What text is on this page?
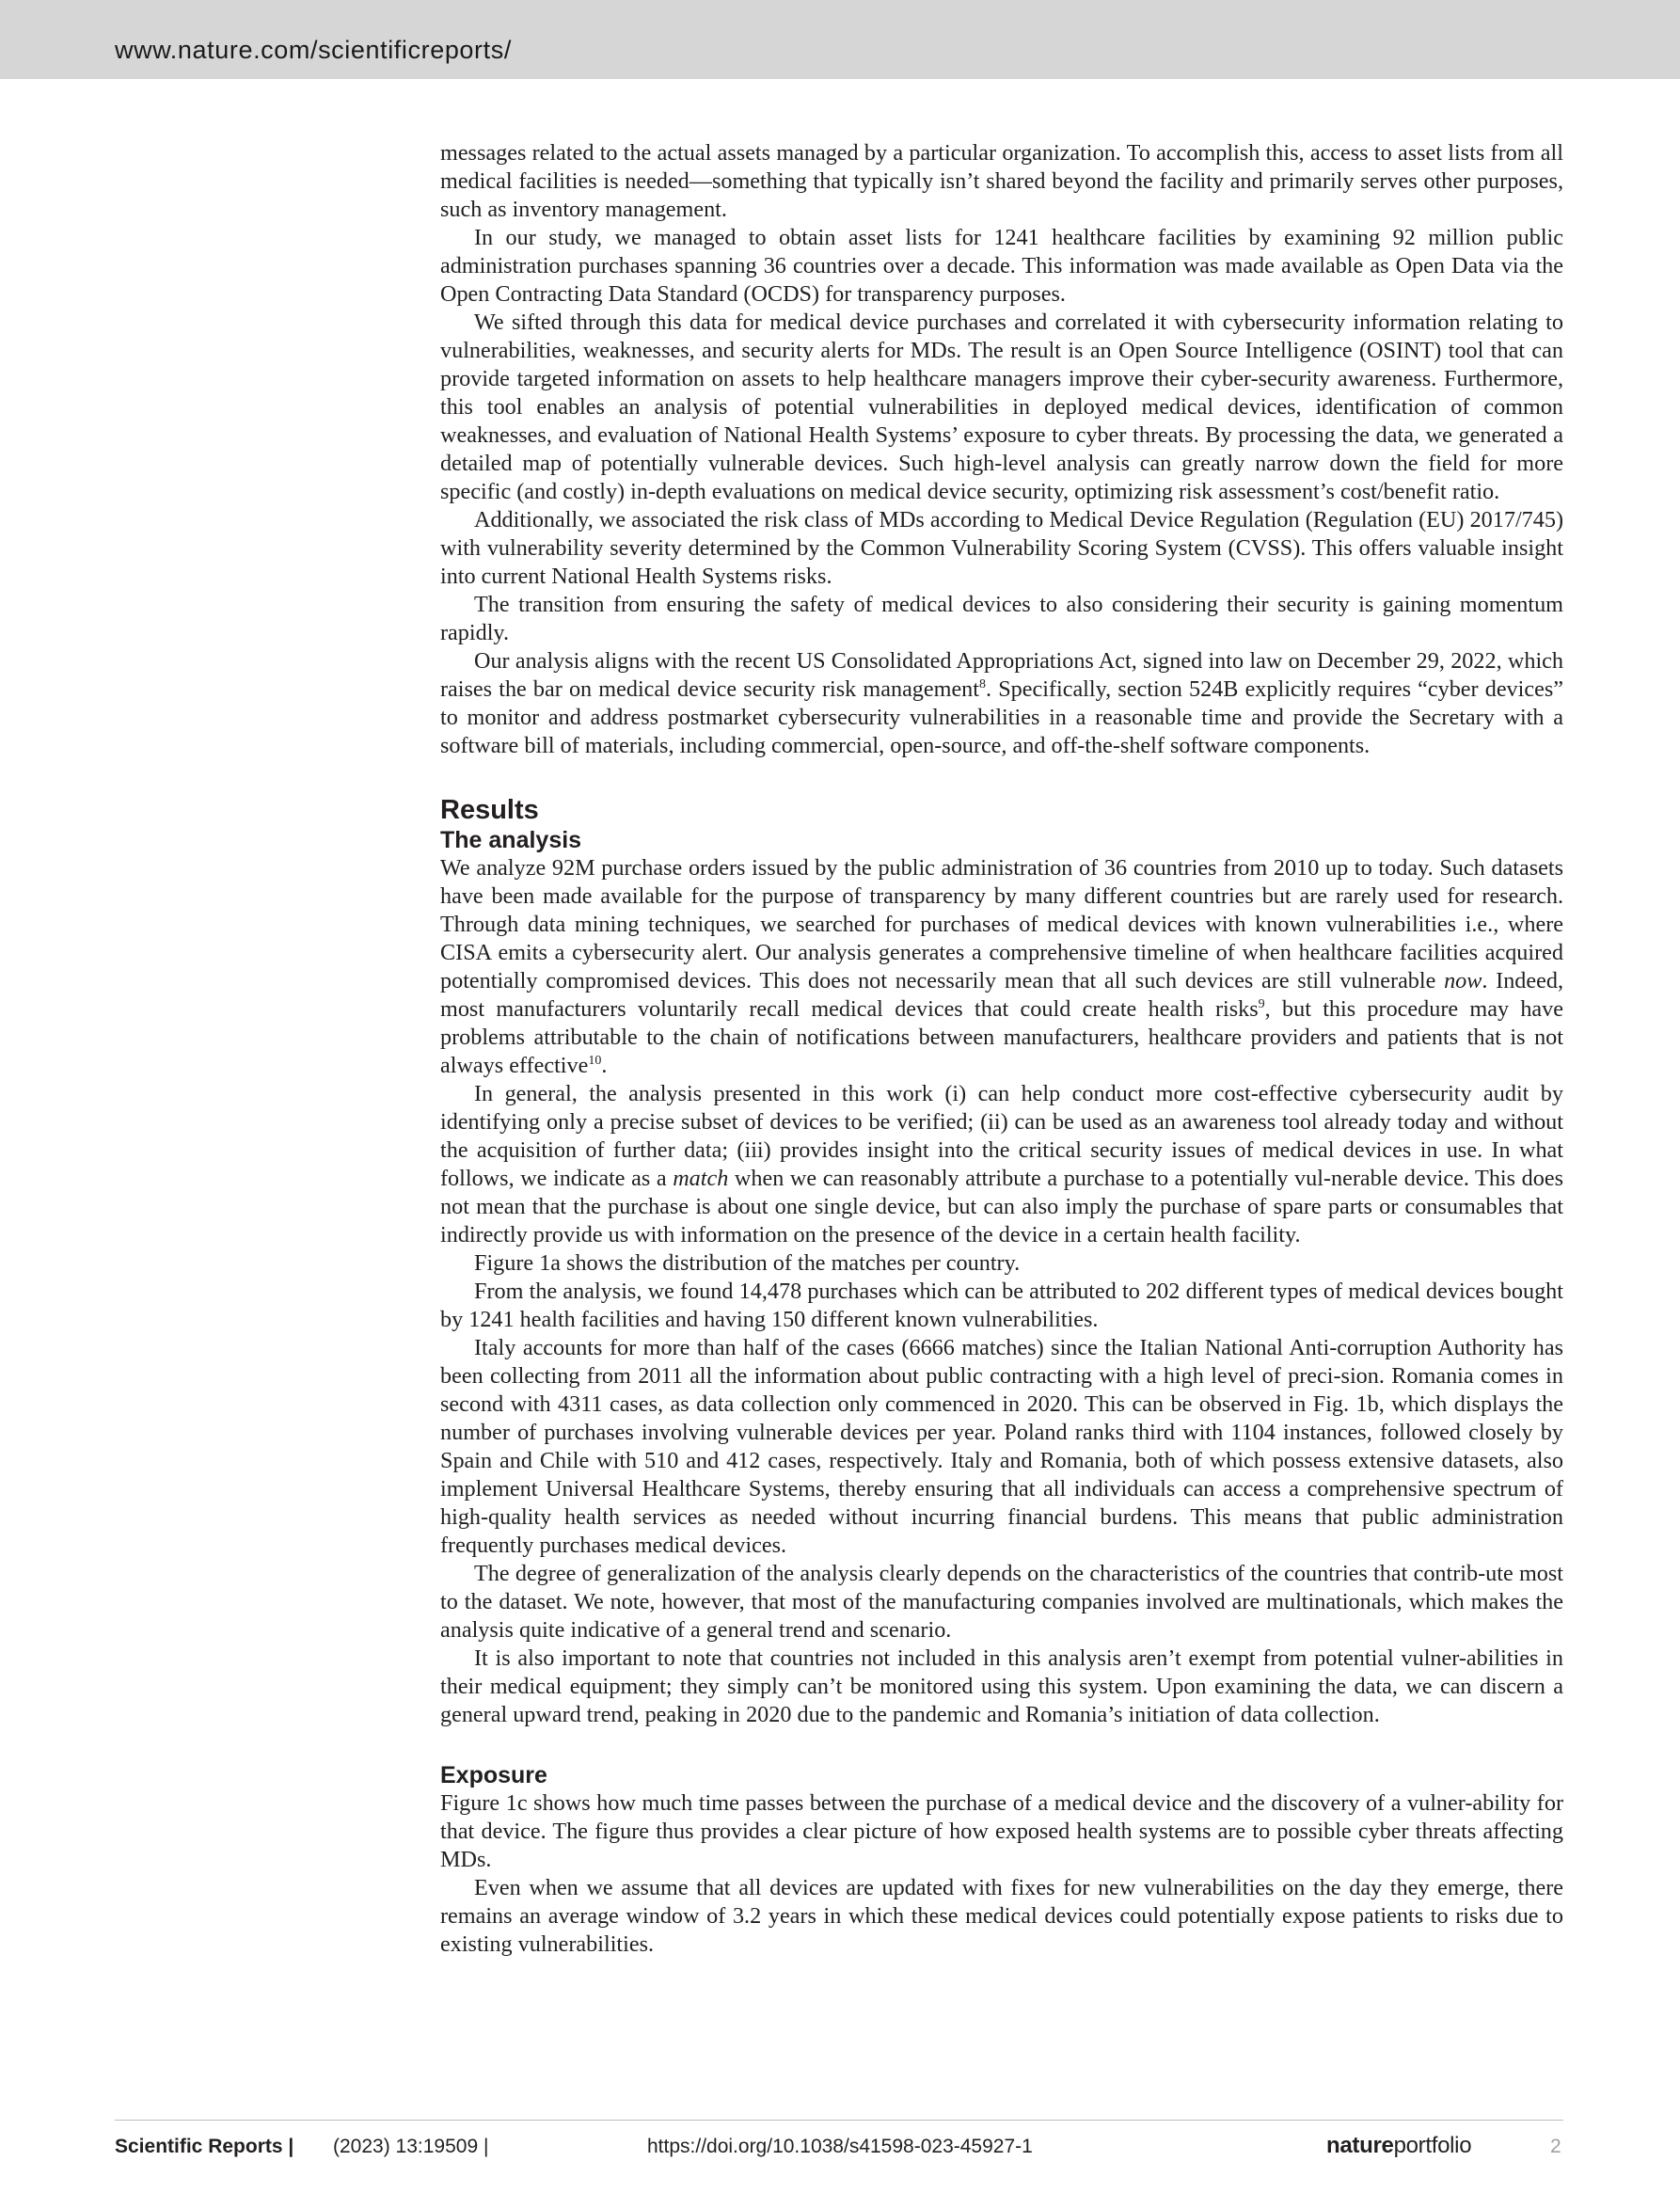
www.nature.com/scientificreports/

messages related to the actual assets managed by a particular organization. To accomplish this, access to asset lists from all medical facilities is needed—something that typically isn’t shared beyond the facility and primarily serves other purposes, such as inventory management.

In our study, we managed to obtain asset lists for 1241 healthcare facilities by examining 92 million public administration purchases spanning 36 countries over a decade. This information was made available as Open Data via the Open Contracting Data Standard (OCDS) for transparency purposes.

We sifted through this data for medical device purchases and correlated it with cybersecurity information relating to vulnerabilities, weaknesses, and security alerts for MDs. The result is an Open Source Intelligence (OSINT) tool that can provide targeted information on assets to help healthcare managers improve their cyber-security awareness. Furthermore, this tool enables an analysis of potential vulnerabilities in deployed medical devices, identification of common weaknesses, and evaluation of National Health Systems’ exposure to cyber threats. By processing the data, we generated a detailed map of potentially vulnerable devices. Such high-level analysis can greatly narrow down the field for more specific (and costly) in-depth evaluations on medical device security, optimizing risk assessment’s cost/benefit ratio.

Additionally, we associated the risk class of MDs according to Medical Device Regulation (Regulation (EU) 2017/745) with vulnerability severity determined by the Common Vulnerability Scoring System (CVSS). This offers valuable insight into current National Health Systems risks.

The transition from ensuring the safety of medical devices to also considering their security is gaining momentum rapidly.

Our analysis aligns with the recent US Consolidated Appropriations Act, signed into law on December 29, 2022, which raises the bar on medical device security risk management$^8$. Specifically, section 524B explicitly requires “cyber devices” to monitor and address postmarket cybersecurity vulnerabilities in a reasonable time and provide the Secretary with a software bill of materials, including commercial, open-source, and off-the-shelf software components.

Results
The analysis

We analyze 92M purchase orders issued by the public administration of 36 countries from 2010 up to today. Such datasets have been made available for the purpose of transparency by many different countries but are rarely used for research. Through data mining techniques, we searched for purchases of medical devices with known vulnerabilities i.e., where CISA emits a cybersecurity alert. Our analysis generates a comprehensive timeline of when healthcare facilities acquired potentially compromised devices. This does not necessarily mean that all such devices are still vulnerable now. Indeed, most manufacturers voluntarily recall medical devices that could create health risks$^9$, but this procedure may have problems attributable to the chain of notifications between manufacturers, healthcare providers and patients that is not always effective$^{10}$.

In general, the analysis presented in this work (i) can help conduct more cost-effective cybersecurity audit by identifying only a precise subset of devices to be verified; (ii) can be used as an awareness tool already today and without the acquisition of further data; (iii) provides insight into the critical security issues of medical devices in use. In what follows, we indicate as a match when we can reasonably attribute a purchase to a potentially vul-nerable device. This does not mean that the purchase is about one single device, but can also imply the purchase of spare parts or consumables that indirectly provide us with information on the presence of the device in a certain health facility.

Figure 1a shows the distribution of the matches per country.

From the analysis, we found 14,478 purchases which can be attributed to 202 different types of medical devices bought by 1241 health facilities and having 150 different known vulnerabilities.

Italy accounts for more than half of the cases (6666 matches) since the Italian National Anti-corruption Authority has been collecting from 2011 all the information about public contracting with a high level of preci-sion. Romania comes in second with 4311 cases, as data collection only commenced in 2020. This can be observed in Fig. 1b, which displays the number of purchases involving vulnerable devices per year. Poland ranks third with 1104 instances, followed closely by Spain and Chile with 510 and 412 cases, respectively. Italy and Romania, both of which possess extensive datasets, also implement Universal Healthcare Systems, thereby ensuring that all individuals can access a comprehensive spectrum of high-quality health services as needed without incurring financial burdens. This means that public administration frequently purchases medical devices.

The degree of generalization of the analysis clearly depends on the characteristics of the countries that contrib-ute most to the dataset. We note, however, that most of the manufacturing companies involved are multinationals, which makes the analysis quite indicative of a general trend and scenario.

It is also important to note that countries not included in this analysis aren’t exempt from potential vulner-abilities in their medical equipment; they simply can’t be monitored using this system. Upon examining the data, we can discern a general upward trend, peaking in 2020 due to the pandemic and Romania’s initiation of data collection.

Exposure

Figure 1c shows how much time passes between the purchase of a medical device and the discovery of a vulner-ability for that device. The figure thus provides a clear picture of how exposed health systems are to possible cyber threats affecting MDs.

Even when we assume that all devices are updated with fixes for new vulnerabilities on the day they emerge, there remains an average window of 3.2 years in which these medical devices could potentially expose patients to risks due to existing vulnerabilities.

Scientific Reports | (2023) 13:19509 |	https://doi.org/10.1038/s41598-023-45927-1	natureportfolio	2
